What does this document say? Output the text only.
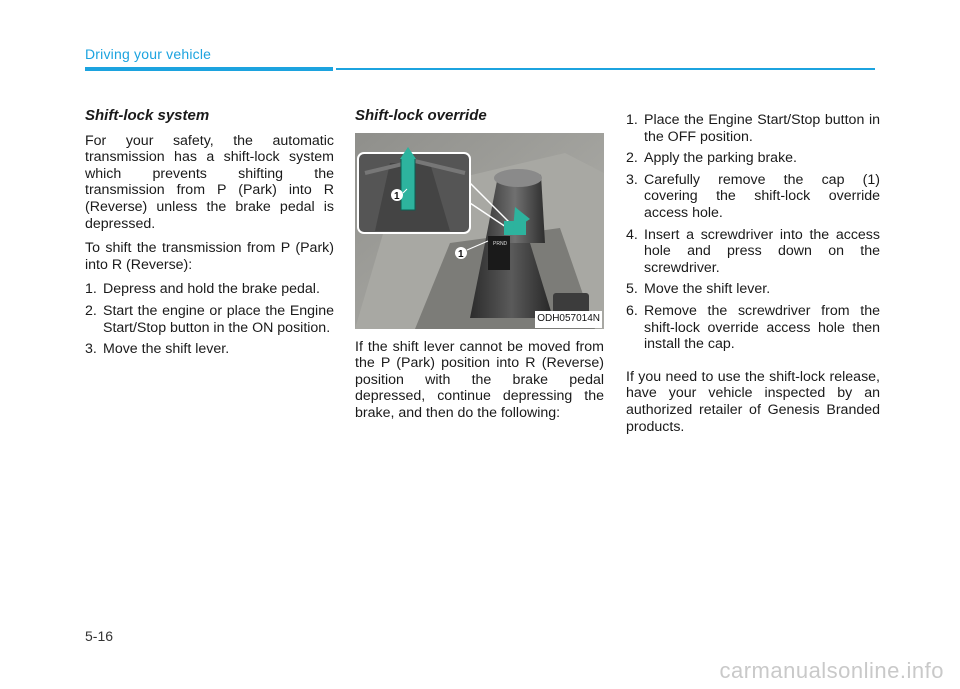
Driving your vehicle
Shift-lock system

For your safety, the automatic transmission has a shift-lock system which prevents shifting the transmission from P (Park) into R (Reverse) unless the brake pedal is depressed.

To shift the transmission from P (Park) into R (Reverse):

1. Depress and hold the brake pedal.
2. Start the engine or place the Engine Start/Stop button in the ON position.
3. Move the shift lever.
Shift-lock override
PRND
1
1
ODH057014N

If the shift lever cannot be moved from the P (Park) position into R (Reverse) position with the brake pedal depressed, continue depressing the brake, and then do the following:

1. Place the Engine Start/Stop button in the OFF position.
2. Apply the parking brake.
3. Carefully remove the cap (1) covering the shift-lock override access hole.
4. Insert a screwdriver into the access hole and press down on the screwdriver.
5. Move the shift lever.
6. Remove the screwdriver from the shift-lock override access hole then install the cap.

If you need to use the shift-lock release, have your vehicle inspected by an authorized retailer of Genesis Branded products.

5-16
carmanualsonline.info
